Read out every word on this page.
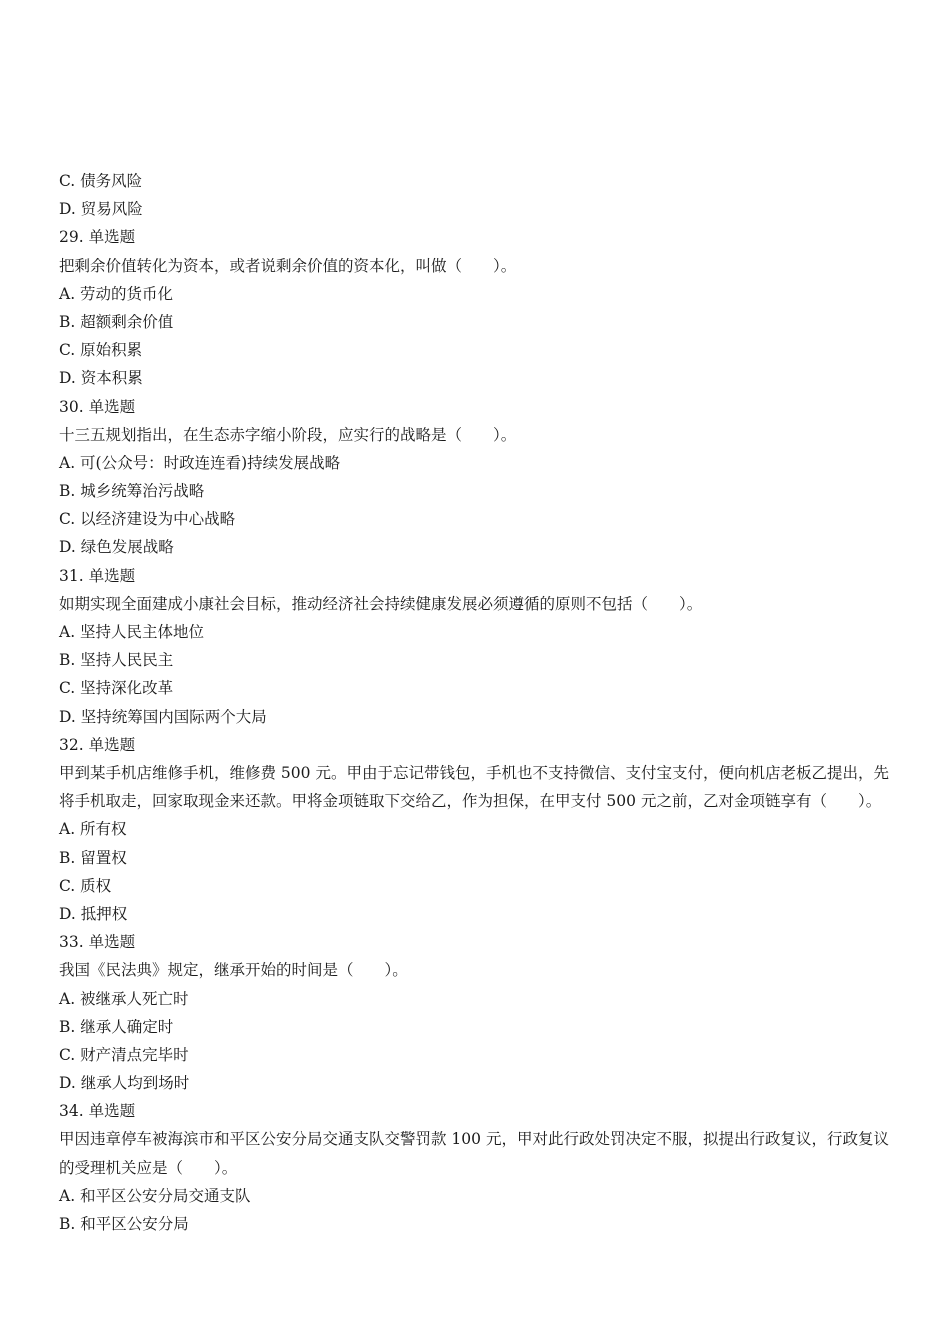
C. 债务风险
D. 贸易风险
29. 单选题
把剩余价值转化为资本，或者说剩余价值的资本化，叫做（　　）。
A. 劳动的货币化
B. 超额剩余价值
C. 原始积累
D. 资本积累
30. 单选题
十三五规划指出，在生态赤字缩小阶段，应实行的战略是（　　）。
A. 可(公众号：时政连连看)持续发展战略
B. 城乡统筹治污战略
C. 以经济建设为中心战略
D. 绿色发展战略
31. 单选题
如期实现全面建成小康社会目标，推动经济社会持续健康发展必须遵循的原则不包括（　　）。
A. 坚持人民主体地位
B. 坚持人民民主
C. 坚持深化改革
D. 坚持统筹国内国际两个大局
32. 单选题
甲到某手机店维修手机，维修费 500 元。甲由于忘记带钱包，手机也不支持微信、支付宝支付，便向机店老板乙提出，先将手机取走，回家取现金来还款。甲将金项链取下交给乙，作为担保，在甲支付 500 元之前，乙对金项链享有（　　）。
A. 所有权
B. 留置权
C. 质权
D. 抵押权
33. 单选题
我国《民法典》规定，继承开始的时间是（　　）。
A. 被继承人死亡时
B. 继承人确定时
C. 财产清点完毕时
D. 继承人均到场时
34. 单选题
甲因违章停车被海滨市和平区公安分局交通支队交警罚款 100 元，甲对此行政处罚决定不服，拟提出行政复议，行政复议的受理机关应是（　　）。
A. 和平区公安分局交通支队
B. 和平区公安分局
